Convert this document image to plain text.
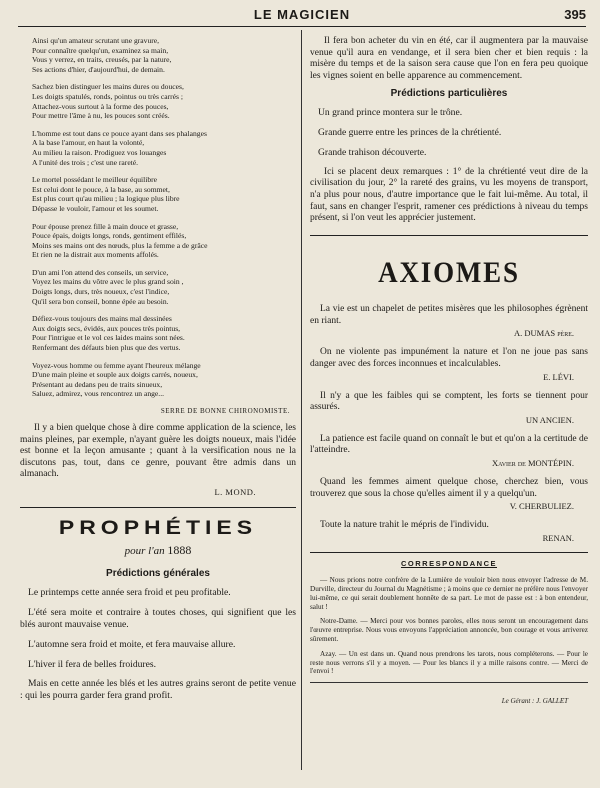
LE MAGICIEN	395
Ainsi qu'un amateur scrutant une gravure,
Pour connaître quelqu'un, examinez sa main,
Vous y verrez, en traits, creusés, par la nature,
Ses actions d'hier, d'aujourd'hui, de demain.
Sachez bien distinguer les mains dures ou douces,
Les doigts spatulés, ronds, pointus ou très carrés ;
Attachez-vous surtout à la forme des pouces,
Pour mettre l'âme à nu, les pouces sont créés.
L'homme est tout dans ce pouce ayant dans ses phalanges
A la base l'amour, en haut la volonté,
Au milieu la raison. Prodiguez vos louanges
A l'unité des trois ; c'est une rareté.
Le mortel possédant le meilleur équilibre
Est celui dont le pouce, à la base, au sommet,
Est plus court qu'au milieu ; la logique plus libre
Dépasse le vouloir, l'amour et les soumet.
Pour épouse prenez fille à main douce et grasse,
Pouce épais, doigts longs, ronds, gentiment effilés,
Moins ses mains ont des nœuds, plus la femme a de grâce
Et rien ne la distrait aux moments affolés.
D'un ami l'on attend des conseils, un service,
Voyez les mains du vôtre avec le plus grand soin ,
Doigts longs, durs, très noueux, c'est l'indice,
Qu'il sera bon conseil, bonne épée au besoin.
Défiez-vous toujours des mains mal dessinées
Aux doigts secs, évidés, aux pouces très pointus,
Pour l'intrigue et le vol ces laides mains sont nées.
Renfermant des défauts bien plus que des vertus.
Voyez-vous homme ou femme ayant l'heureux mélange
D'une main pleine et souple aux doigts carrés, noueux,
Présentant au dedans peu de traits sinueux,
Saluez, admirez, vous rencontrez un ange...
SERRE DE BONNE CHIRONOMISTE.

Il y a bien quelque chose à dire comme application de la science, les mains pleines, par exemple, n'ayant guère les doigts noueux, mais l'idée est bonne et la leçon amusante ; quant à la versification nous ne la discutons pas, tout, dans ce genre, pouvant être admis dans un almanach.

L. MOND.
PROPHÉTIES
pour l'an 1888
Prédictions générales

Le printemps cette année sera froid et peu profitable.

L'été sera moite et contraire à toutes choses, qui signifient que les blés auront mauvaise venue.

L'automne sera froid et moite, et fera mauvaise allure.

L'hiver il fera de belles froidures.

Mais en cette année les blés et les autres grains seront de petite venue : qui les pourra garder fera grand profit.

Il fera bon acheter du vin en été, car il augmentera par la mauvaise venue qu'il aura en vendange, et il sera bien cher et bien requis : la misère du temps et de la saison sera cause que l'on en fera peu quoique les vignes soient en belle apparence au commencement.

Prédictions particulières

Un grand prince montera sur le trône.

Grande guerre entre les princes de la chrétienté.

Grande trahison découverte.

Ici se placent deux remarques : 1° de la chrétienté veut dire de la civilisation du jour, 2° la rareté des grains, vu les moyens de transport, n'a plus pour nous, d'autre importance que le fait lui-même. Au total, il faut, sans en changer l'esprit, ramener ces prédictions à niveau du temps présent, si l'on veut les apprécier justement.

AXIOMES

La vie est un chapelet de petites misères que les philosophes égrènent en riant.

A. DUMAS père.

On ne violente pas impunément la nature et l'on ne joue pas sans danger avec des forces inconnues et incalculables.

E. LÉVI.

Il n'y a que les faibles qui se comptent, les forts se tiennent pour assurés.

UN ANCIEN.

La patience est facile quand on connaît le but et qu'on a la certitude de l'atteindre.

Xavier de MONTÉPIN.

Quand les femmes aiment quelque chose, cherchez bien, vous trouverez que sous la chose qu'elles aiment il y a quelqu'un.

V. CHERBULIEZ.

Toute la nature trahit le mépris de l'individu.

RENAN.
CORRESPONDANCE

— Nous prions notre confrère de la Lumière de vouloir bien nous envoyer l'adresse de M. Durville, directeur du Journal du Magnétisme ; à moins que ce dernier ne préfère nous l'envoyer lui-même, ce qui serait doublement honnête de sa part. Le mot de passe est : à bon entendeur, salut !

Notre-Dame. — Merci pour vos bonnes paroles, elles nous seront un encouragement dans l'œuvre entreprise. Nous vous envoyons l'appréciation annoncée, bon courage et vous arriverez sûrement.

Azay. — Un est dans un. Quand nous prendrons les tarots, nous compléterons. — Pour le reste nous verrons s'il y a moyen. — Pour les blancs il y a mille raisons contre. — Merci de l'envoi !

Le Gérant : J. GALLET
